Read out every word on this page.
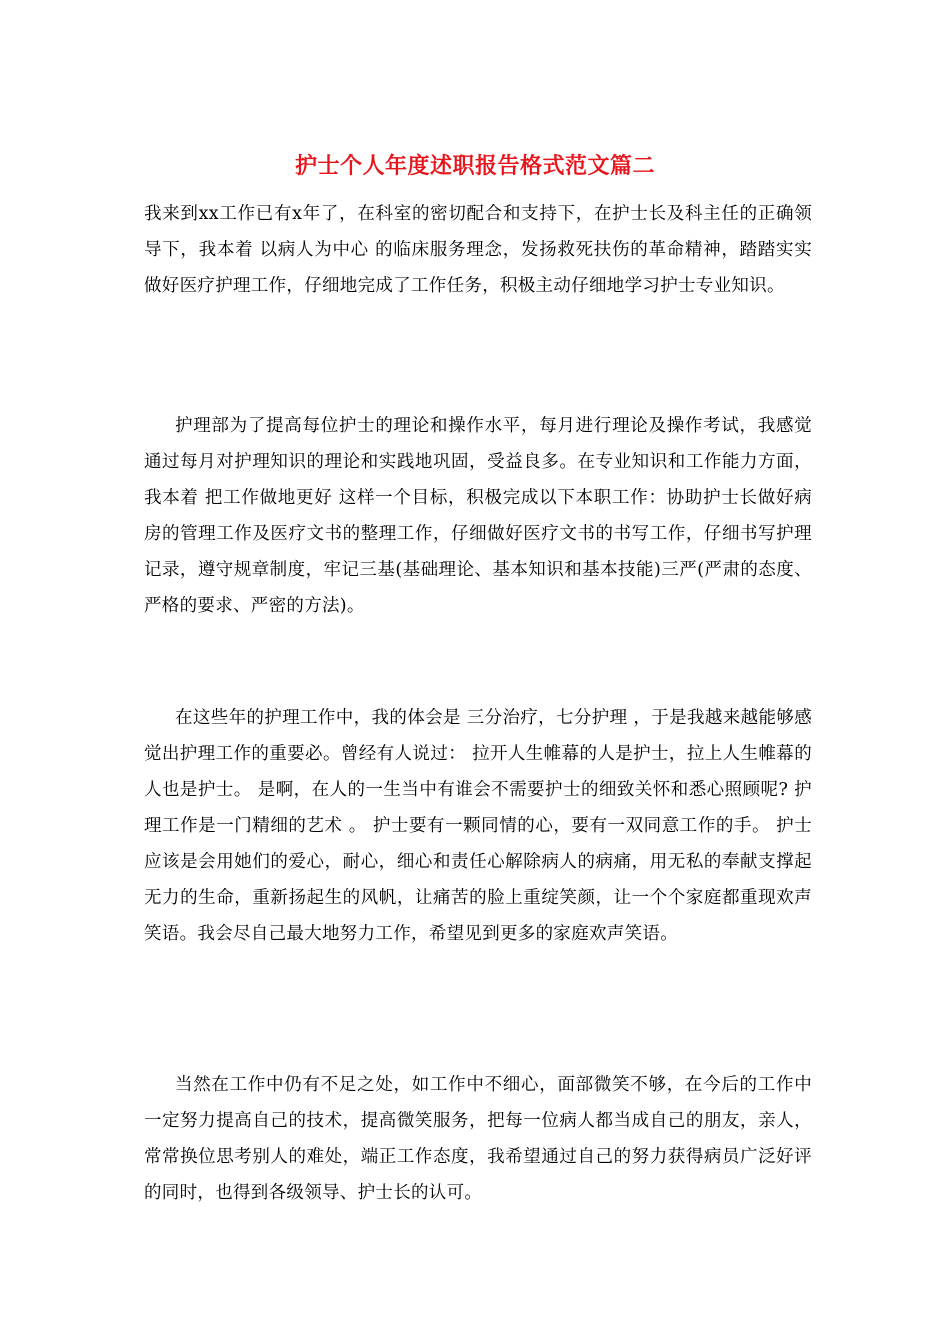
护士个人年度述职报告格式范文篇二

我来到xx工作已有x年了，在科室的密切配合和支持下，在护士长及科主任的正确领导下，我本着 以病人为中心 的临床服务理念，发扬救死扶伤的革命精神，踏踏实实做好医疗护理工作，仔细地完成了工作任务，积极主动仔细地学习护士专业知识。

护理部为了提高每位护士的理论和操作水平，每月进行理论及操作考试，我感觉通过每月对护理知识的理论和实践地巩固，受益良多。在专业知识和工作能力方面，我本着 把工作做地更好 这样一个目标，积极完成以下本职工作：协助护士长做好病房的管理工作及医疗文书的整理工作，仔细做好医疗文书的书写工作，仔细书写护理记录，遵守规章制度，牢记三基(基础理论、基本知识和基本技能)三严(严肃的态度、严格的要求、严密的方法)。

在这些年的护理工作中，我的体会是 三分治疗，七分护理 ，于是我越来越能够感觉出护理工作的重要必。曾经有人说过： 拉开人生帷幕的人是护士，拉上人生帷幕的人也是护士。 是啊，在人的一生当中有谁会不需要护士的细致关怀和悉心照顾呢? 护理工作是一门精细的艺术 。 护士要有一颗同情的心，要有一双同意工作的手。 护士应该是会用她们的爱心，耐心，细心和责任心解除病人的病痛，用无私的奉献支撑起无力的生命，重新扬起生的风帆，让痛苦的脸上重绽笑颜，让一个个家庭都重现欢声笑语。我会尽自己最大地努力工作，希望见到更多的家庭欢声笑语。

当然在工作中仍有不足之处，如工作中不细心，面部微笑不够，在今后的工作中一定努力提高自己的技术，提高微笑服务，把每一位病人都当成自己的朋友，亲人，常常换位思考别人的难处，端正工作态度，我希望通过自己的努力获得病员广泛好评的同时，也得到各级领导、护士长的认可。
